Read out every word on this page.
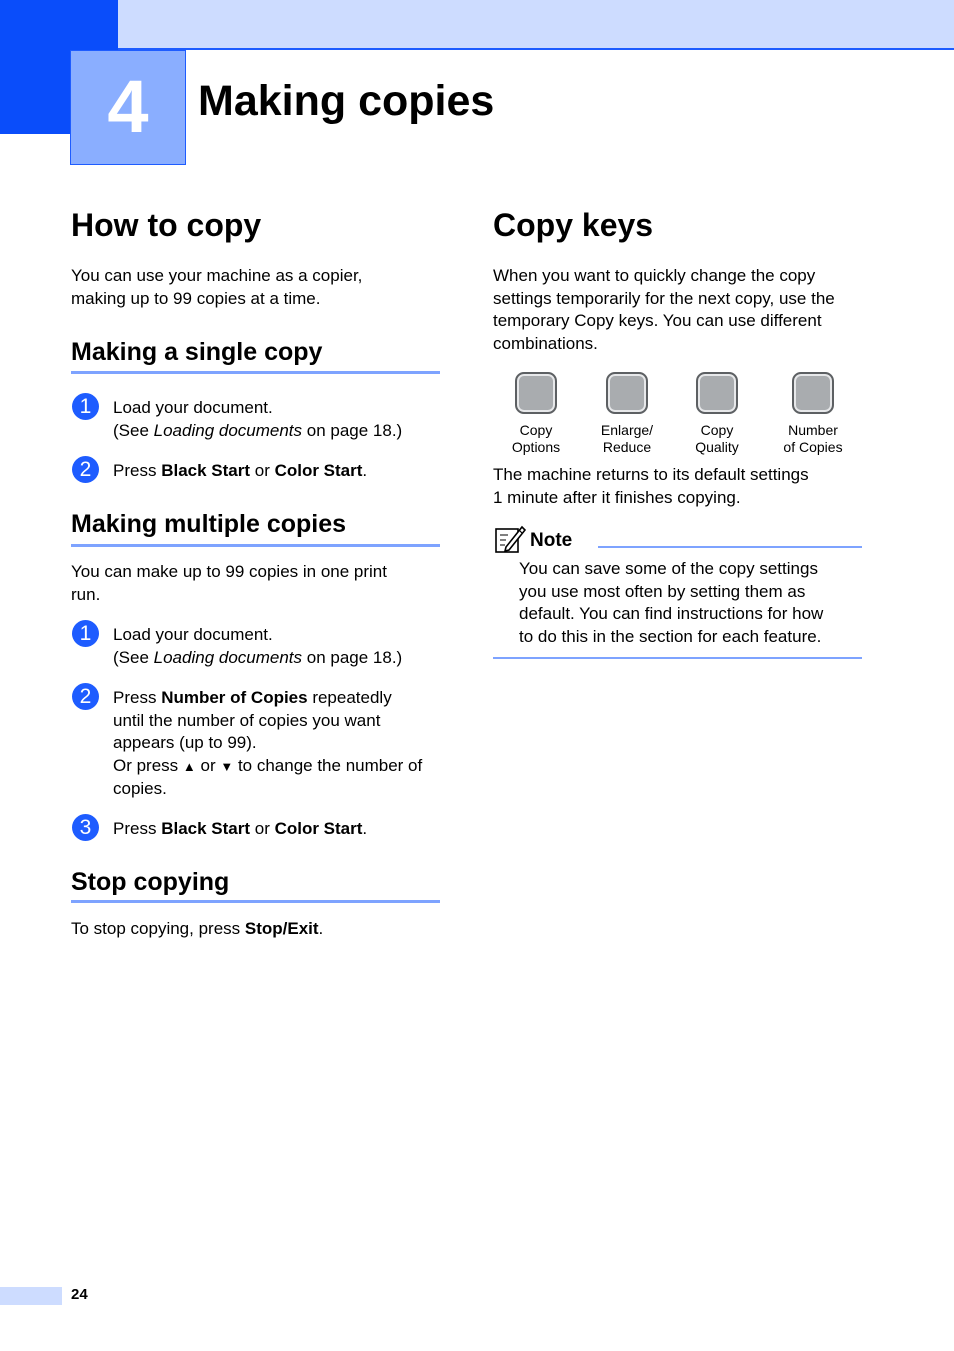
4	Making copies
How to copy
You can use your machine as a copier,
making up to 99 copies at a time.
Making a single copy
1	Load your document.
(See Loading documents on page 18.)
2	Press Black Start or Color Start.
Making multiple copies
You can make up to 99 copies in one print
run.
1	Load your document.
(See Loading documents on page 18.)
2	Press Number of Copies repeatedly
until the number of copies you want
appears (up to 99).
Or press ▲ or ▼ to change the number of
copies.
3	Press Black Start or Color Start.
Stop copying
To stop copying, press Stop/Exit.
Copy keys
When you want to quickly change the copy
settings temporarily for the next copy, use the
temporary Copy keys. You can use different
combinations.
Copy
Options
Enlarge/
Reduce
Copy
Quality
Number
of Copies
The machine returns to its default settings
1 minute after it finishes copying.
Note
You can save some of the copy settings
you use most often by setting them as
default. You can find instructions for how
to do this in the section for each feature.
24
